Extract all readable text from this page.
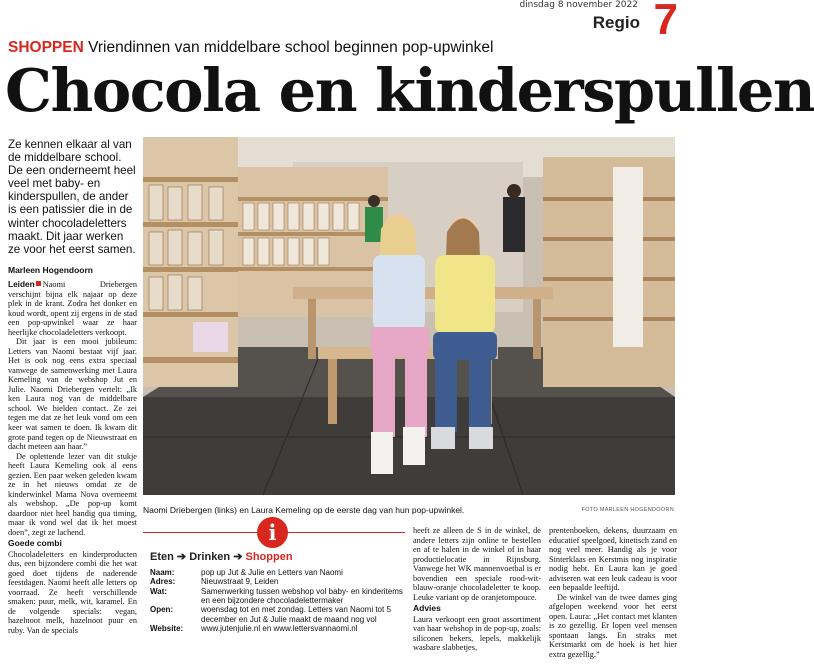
dinsdag 8 november 2022
Regio 7
SHOPPEN Vriendinnen van middelbare school beginnen pop-upwinkel
Chocola en kinderspullen
Ze kennen elkaar al van de middelbare school. De een onderneemt heel veel met baby- en kinderspullen, de ander is een patissier die in de winter chocoladeletters maakt. Dit jaar werken ze voor het eerst samen.
Marleen Hogendoorn

Leiden Naomi Driebergen verschijnt bijna elk najaar op deze plek in de krant. Zodra het donker en koud wordt, opent zij ergens in de stad een pop-upwinkel waar ze haar heerlijke chocoladeletters verkoopt.

Dit jaar is een mooi jubileum: Letters van Naomi bestaat vijf jaar. Het is ook nog eens extra speciaal vanwege de samenwerking met Laura Kemeling van de webshop Jut en Julie. Naomi Driebergen vertelt: „Ik ken Laura nog van de middelbare school. We hielden contact. Ze zei tegen me dat ze het leuk vond om een keer wat samen te doen. Ik kwam dit grote pand tegen op de Nieuwstraat en dacht meteen aan haar.”

De oplettende lezer van dit stukje heeft Laura Kemeling ook al eens gezien. Een paar weken geleden kwam ze in het nieuws omdat ze de kinderwinkel Mama Nova overneemt als webshop. „De pop-up komt daardoor niet heel handig qua timing, maar ik vond wel dat ik het moest doen”, zegt ze lachend.

Goede combi

Chocoladeletters en kinderproducten dus, een bijzondere combi die het wat goed doet tijdens de naderende feestdagen. Naomi heeft alle letters op voorraad. Ze heeft verschillende smaken: puur, melk, wit, karamel. En de volgende specials: vegan, hazelnoot melk, hazelnoot puur en ruby. Van de specials

Naomi Driebergen (links) en Laura Kemeling op de eerste dag van hun pop-upwinkel.	FOTO MARLEEN HOGENDOORN
i
Eten ➔ Drinken ➔ Shoppen
Naam:	pop up Jut & Julie en Letters van Naomi
Adres:	Nieuwstraat 9, Leiden
Wat:	Samenwerking tussen webshop vol baby- en kinderitems en een bijzondere chocoladelettermaker
Open:	woensdag tot en met zondag. Letters van Naomi tot 5 december en Jut & Julie maakt de maand nog vol
Website:	www.jutenjulie.nl en www.lettersvannaomi.nl

heeft ze alleen de S in de winkel, de andere letters zijn online te bestellen en af te halen in de winkel of in haar productielocatie in Rijnsburg. Vanwege het WK mannenvoetbal is er bovendien een speciale rood-wit-blauw-oranje chocoladeletter te koop. Leuke variant op de oranjetompouce.

Advies

Laura verkoopt een groot assortiment van haar webshop in de pop-up, zoals: siliconen bekers, lepels, makkelijk wasbare slabbetjes,

prentenboeken, dekens, duurzaam en educatief speelgoed, kinetisch zand en nog veel meer. Handig als je voor Sinterklaas en Kerstmis nog inspiratie nodig hebt. En Laura kan je goed adviseren wat een leuk cadeau is voor een bepaalde leeftijd.

De winkel van de twee dames ging afgelopen weekend voor het eerst open. Laura: „Het contact met klanten is zo gezellig. Er lopen veel mensen spontaan langs. En straks met Kerstmarkt om de hoek is het hier extra gezellig.”
